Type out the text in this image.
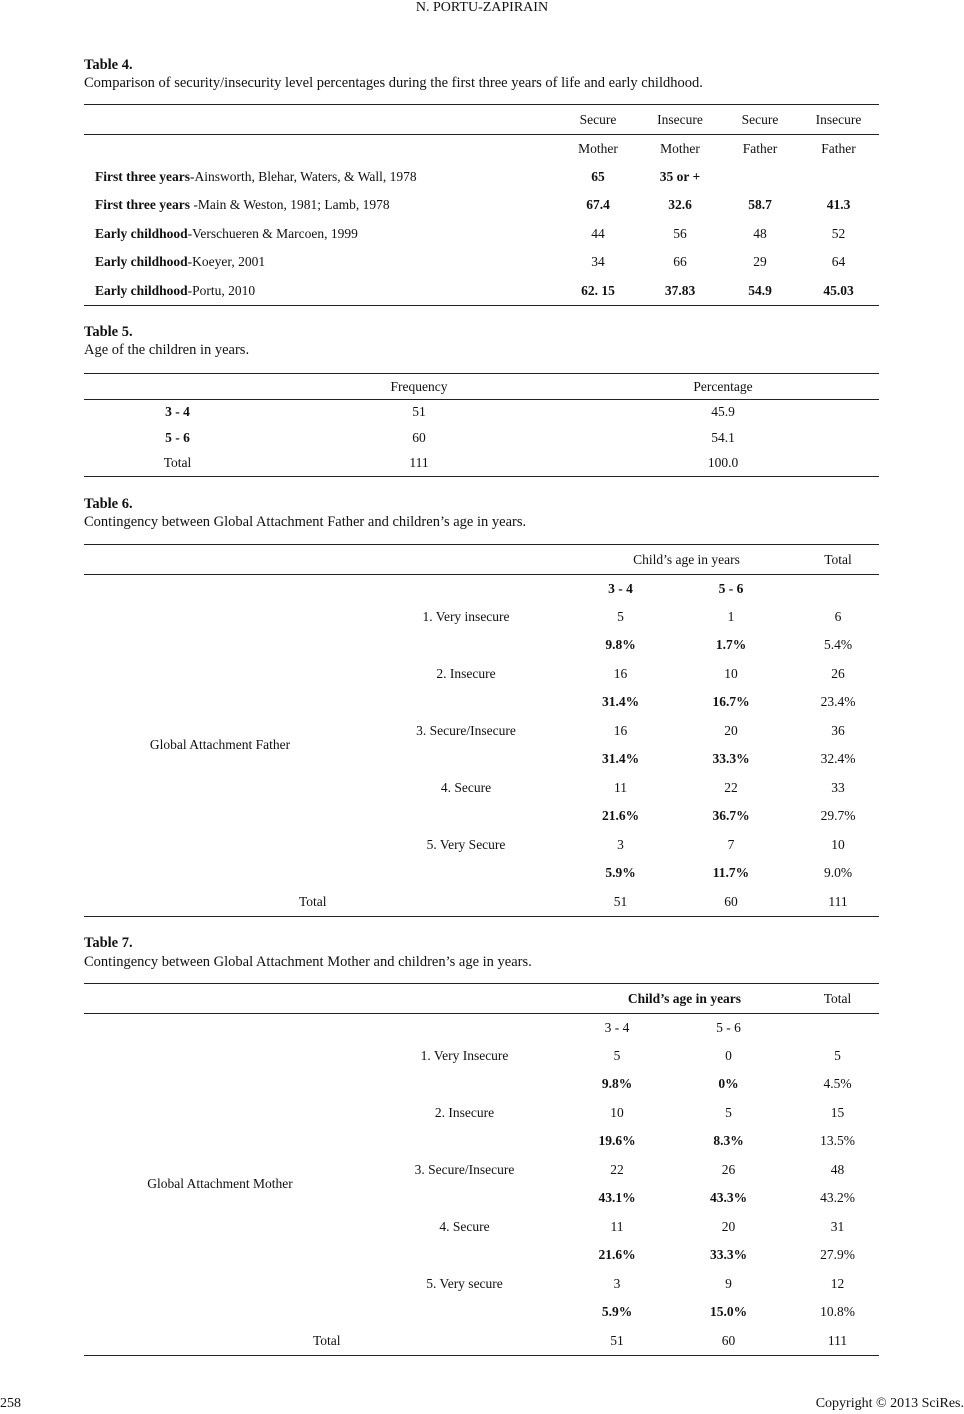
N. PORTU-ZAPIRAIN
Table 4.
Comparison of security/insecurity level percentages during the first three years of life and early childhood.
	Secure	Insecure	Secure	Insecure
	Mother	Mother	Father	Father
First three years-Ainsworth, Blehar, Waters, & Wall, 1978	65	35 or +		
First three years -Main & Weston, 1981; Lamb, 1978	67.4	32.6	58.7	41.3
Early childhood-Verschueren & Marcoen, 1999	44	56	48	52
Early childhood-Koeyer, 2001	34	66	29	64
Early childhood-Portu, 2010	62. 15	37.83	54.9	45.03
Table 5.
Age of the children in years.
	Frequency	Percentage
3 - 4	51	45.9
5 - 6	60	54.1
Total	111	100.0
Table 6.
Contingency between Global Attachment Father and children’s age in years.
		Child’s age in years		Total
		3 - 4	5 - 6	
Global Attachment Father	1. Very insecure	5	1	6
		9.8%	1.7%	5.4%
	2. Insecure	16	10	26
		31.4%	16.7%	23.4%
	3. Secure/Insecure	16	20	36
		31.4%	33.3%	32.4%
	4. Secure	11	22	33
		21.6%	36.7%	29.7%
	5. Very Secure	3	7	10
		5.9%	11.7%	9.0%
Total		51	60	111
Table 7.
Contingency between Global Attachment Mother and children’s age in years.
		Child’s age in years		Total
		3 - 4	5 - 6	
Global Attachment Mother	1. Very Insecure	5	0	5
		9.8%	0%	4.5%
	2. Insecure	10	5	15
		19.6%	8.3%	13.5%
	3. Secure/Insecure	22	26	48
		43.1%	43.3%	43.2%
	4. Secure	11	20	31
		21.6%	33.3%	27.9%
	5. Very secure	3	9	12
		5.9%	15.0%	10.8%
Total		51	60	111
258	Copyright © 2013 SciRes.
